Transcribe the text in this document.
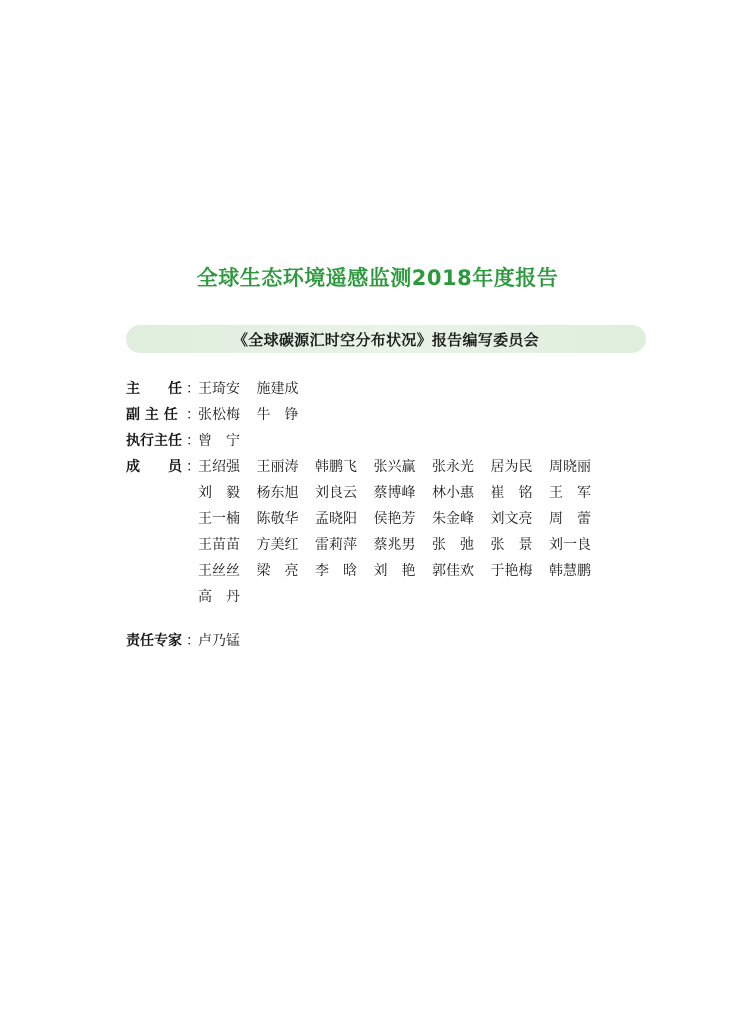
全球生态环境遥感监测2018年度报告
《全球碳源汇时空分布状况》报告编写委员会
主　　任 ：
王琦安	施建成
副 主 任 ：
张松梅	牛　铮
执行主任 ：
曾　宁
成　　员 ：
王绍强	王丽涛	韩鹏飞	张兴赢	张永光	居为民	周晓丽
刘　毅	杨东旭	刘良云	蔡博峰	林小惠	崔　铭	王　军
王一楠	陈敬华	孟晓阳	侯艳芳	朱金峰	刘文亮	周　蕾
王苗苗	方美红	雷莉萍	蔡兆男	张　弛	张　景	刘一良
王丝丝	梁　亮	李　晗	刘　艳	郭佳欢	于艳梅	韩慧鹏
高　丹
责任专家 ：
卢乃锰
